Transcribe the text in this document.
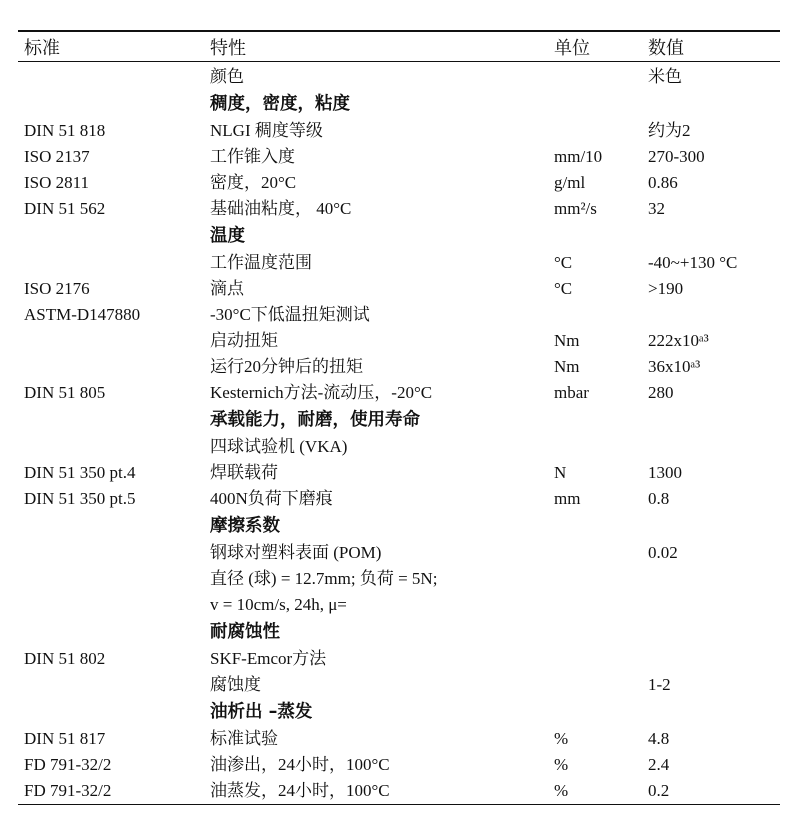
标准	特性	单位	数值
	颜色		米色
	稠度，密度，粘度		
DIN 51 818	NLGI 稠度等级		约为2
ISO 2137	工作锥入度	mm/10	270-300
ISO 2811	密度，20°C	g/ml	0.86
DIN 51 562	基础油粘度， 40°C	mm²/s	32
	温度		
	工作温度范围	°C	-40~+130 °C
ISO 2176	滴点	°C	>190
ASTM-D147880	-30°C下低温扭矩测试		
	启动扭矩	Nm	222x10ᵃ³
	运行20分钟后的扭矩	Nm	36x10ᵃ³
DIN 51 805	Kesternich方法-流动压，-20°C	mbar	280
	承载能力，耐磨，使用寿命		
	四球试验机 (VKA)		
DIN 51 350 pt.4	焊联载荷	N	1300
DIN 51 350 pt.5	400N负荷下磨痕	mm	0.8
	摩擦系数		
	钢球对塑料表面 (POM)		0.02
	直径 (球) = 12.7mm; 负荷 = 5N;		
	v = 10cm/s, 24h, μ=		
	耐腐蚀性		
DIN 51 802	SKF-Emcor方法		
	腐蚀度		1-2
	油析出 –蒸发		
DIN 51 817	标准试验	%	4.8
FD 791-32/2	油渗出，24小时，100°C	%	2.4
FD 791-32/2	油蒸发，24小时，100°C	%	0.2
